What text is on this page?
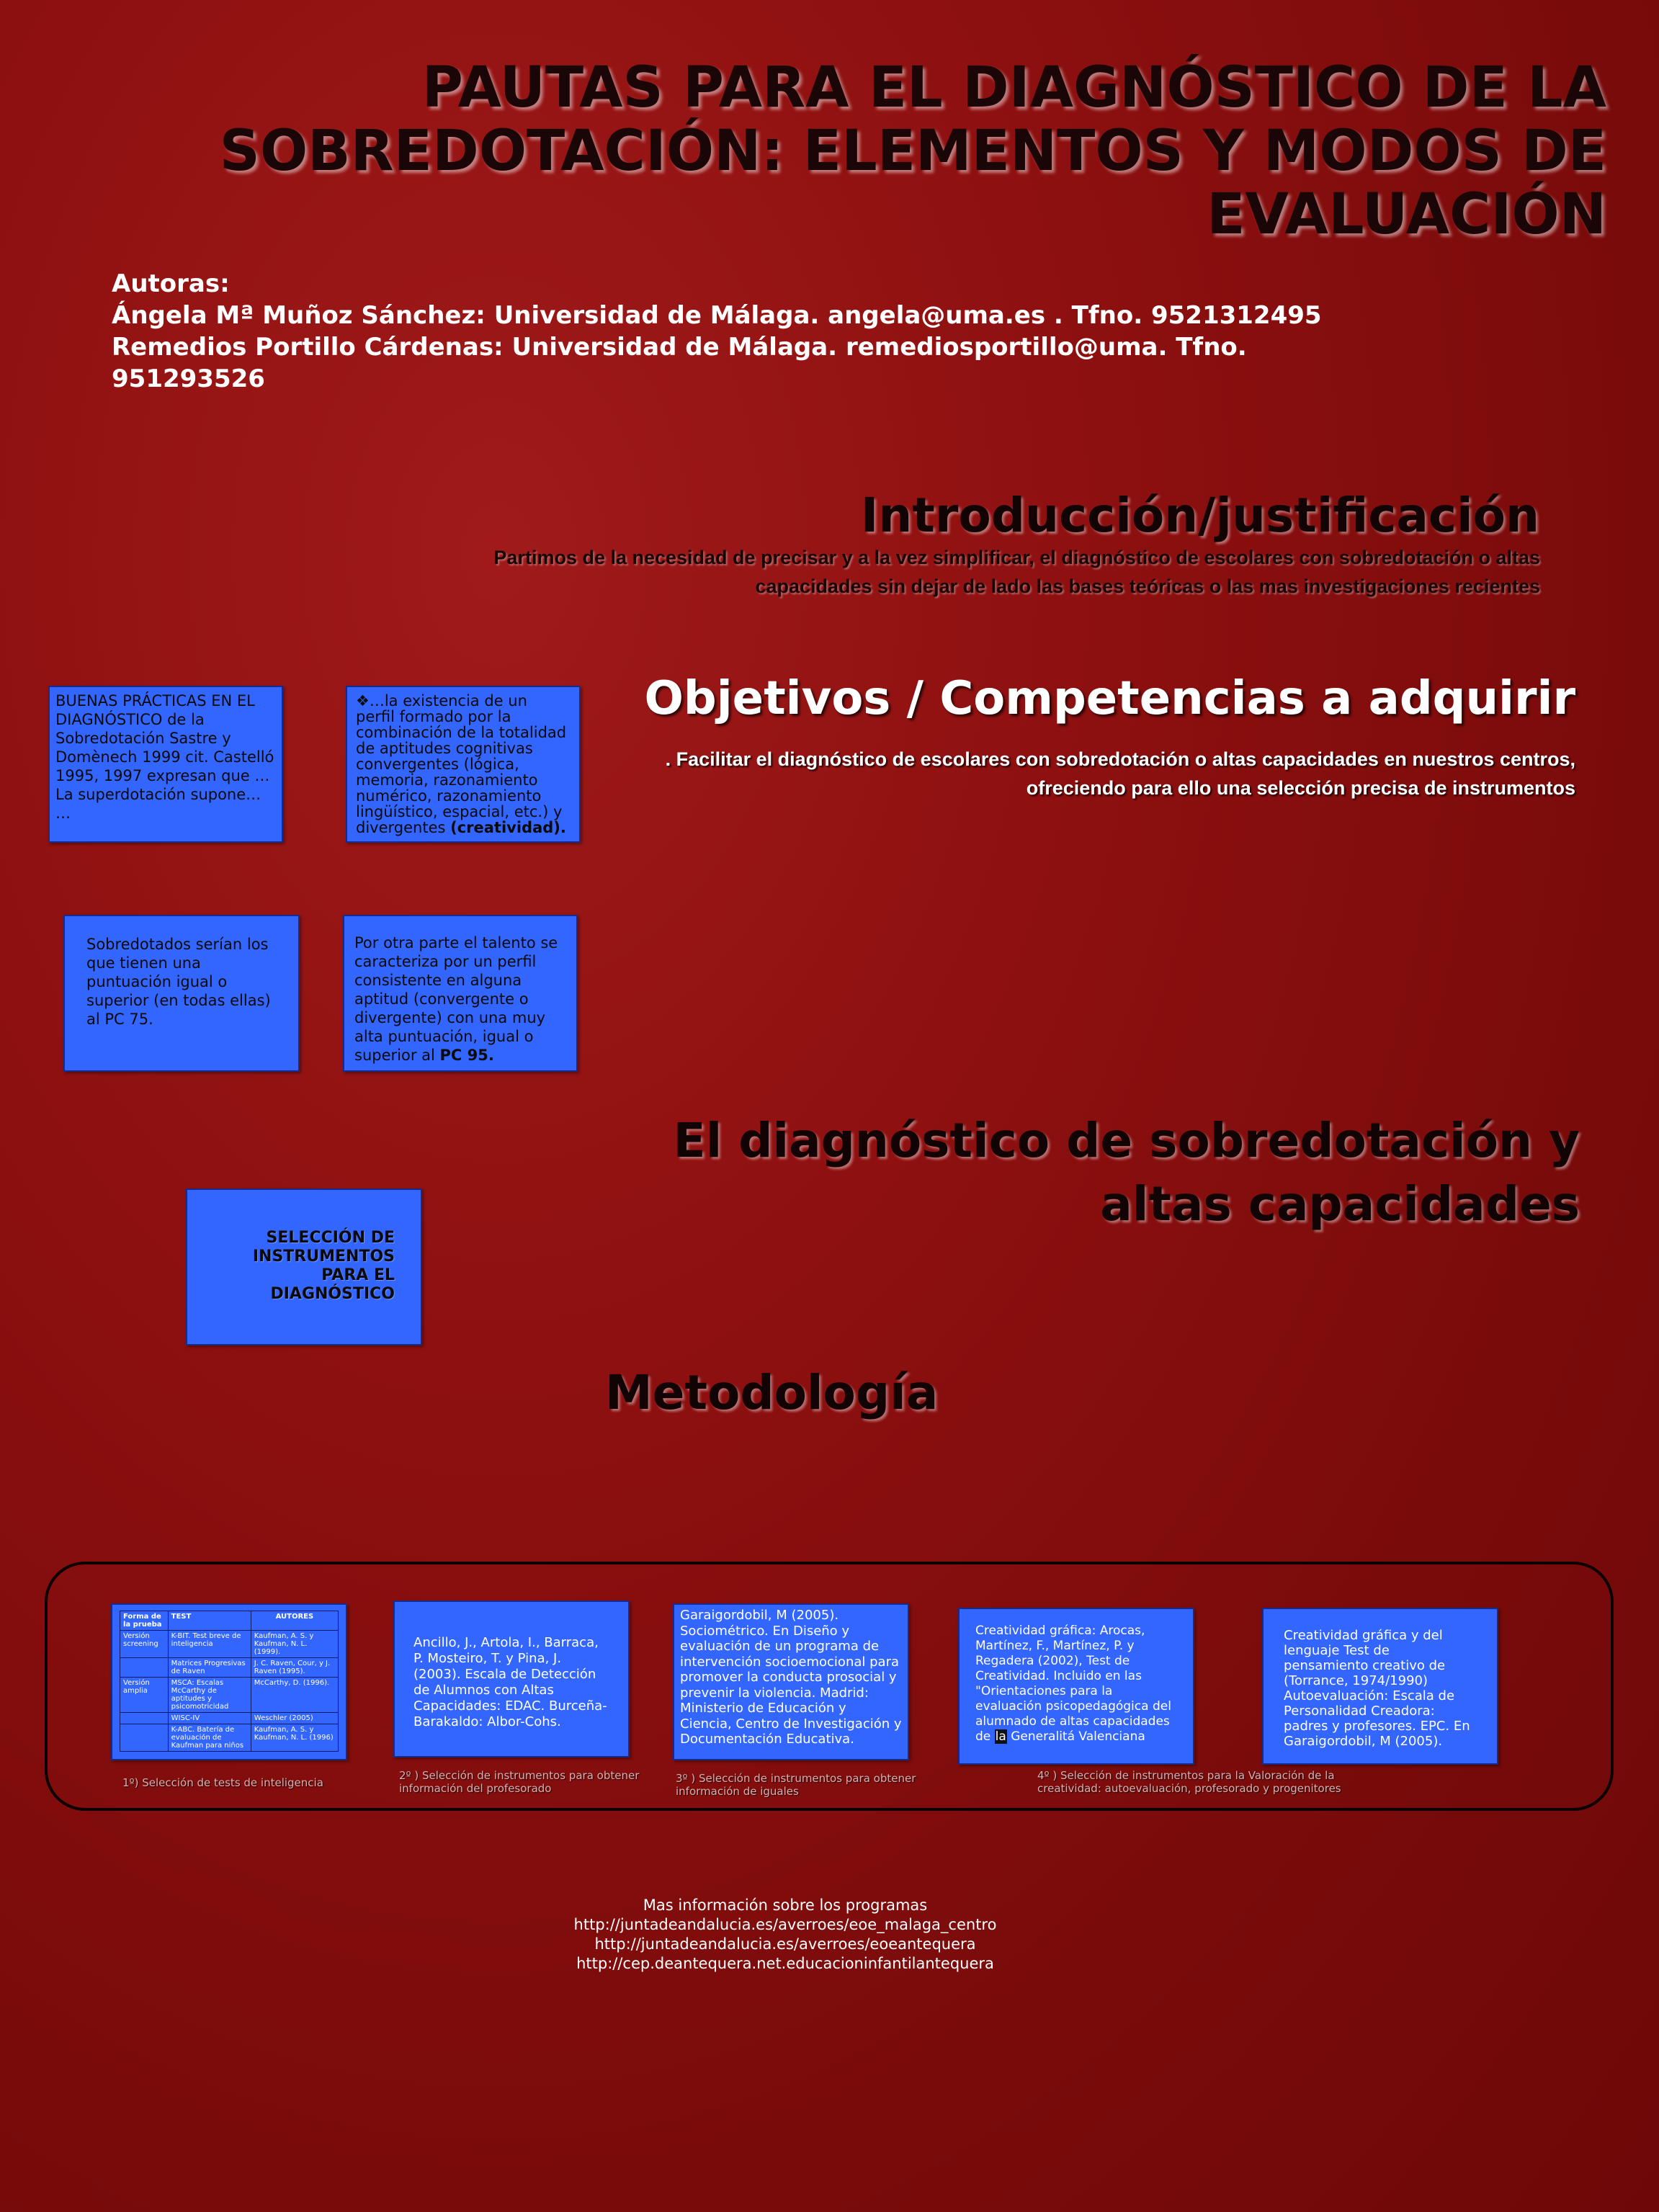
PAUTAS PARA EL DIAGNÓSTICO DE LA
SOBREDOTACIÓN: ELEMENTOS Y MODOS DE
EVALUACIÓN
Autoras:
Ángela Mª Muñoz Sánchez: Universidad de Málaga. angela@uma.es . Tfno. 9521312495
Remedios Portillo Cárdenas: Universidad de Málaga. remediosportillo@uma. Tfno.
951293526
Introducción/justificación
Partimos de la necesidad de precisar y a la vez simplificar, el diagnóstico de escolares con sobredotación o altas capacidades sin dejar de lado las bases teóricas o las mas investigaciones recientes
Objetivos / Competencias a adquirir
. Facilitar el diagnóstico de escolares con sobredotación o altas capacidades en nuestros centros, ofreciendo para ello una selección precisa de instrumentos
BUENAS PRÁCTICAS EN EL DIAGNÓSTICO de la Sobredotación Sastre y Domènech 1999 cit. Castelló 1995, 1997 expresan que …La superdotación supone… …
❖…la existencia de un perfil formado por la combinación de la totalidad de aptitudes cognitivas convergentes (lógica, memoria, razonamiento numérico, razonamiento lingüístico, espacial, etc.) y divergentes (creatividad).
Sobredotados serían los que tienen una puntuación igual o superior (en todas ellas) al PC 75.
Por otra parte el talento se caracteriza por un perfil consistente en alguna aptitud (convergente o divergente) con una muy alta puntuación, igual o superior al PC 95.
El diagnóstico de sobredotación y
altas capacidades
SELECCIÓN DE INSTRUMENTOS PARA EL DIAGNÓSTICO
Metodología
Forma de la prueba	TEST	AUTORES
Versión screening	K-BIT. Test breve de inteligencia	Kaufman, A. S. y Kaufman, N. L. (1999).
	Matrices Progresivas de Raven	J. C. Raven, Cour, y J. Raven (1995).
Versión amplia	MSCA: Escalas McCarthy de aptitudes y psicomotricidad	McCarthy, D. (1996).
	WISC-IV	Weschler (2005)
	K-ABC. Batería de evaluación de Kaufman para niños	Kaufman, A. S. y Kaufman, N. L. (1996)
Ancillo, J., Artola, I., Barraca, P. Mosteiro, T. y Pina, J. (2003). Escala de Detección de Alumnos con Altas Capacidades: EDAC. Burceña-Barakaldo: Albor-Cohs.
Garaigordobil, M (2005). Sociométrico. En Diseño y evaluación de un programa de intervención socioemocional para promover la conducta prosocial y prevenir la violencia. Madrid: Ministerio de Educación y Ciencia, Centro de Investigación y Documentación Educativa.
Creatividad gráfica: Arocas, Martínez, F., Martínez, P. y Regadera (2002), Test de Creatividad. Incluido en las "Orientaciones para la evaluación psicopedagógica del alumnado de altas capacidades de la Generalitá Valenciana
Creatividad gráfica y del lenguaje Test de pensamiento creativo de (Torrance, 1974/1990) Autoevaluación: Escala de Personalidad Creadora: padres y profesores. EPC. En Garaigordobil, M (2005).
1º) Selección de tests de inteligencia
2º ) Selección de instrumentos para obtener información del profesorado
3º ) Selección de instrumentos para obtener información de iguales
4º ) Selección de instrumentos para la Valoración de la creatividad: autoevaluación, profesorado y progenitores
Mas información sobre los programas
http://juntadeandalucia.es/averroes/eoe_malaga_centro
http://juntadeandalucia.es/averroes/eoeantequera
http://cep.deantequera.net.educacioninfantilantequera
